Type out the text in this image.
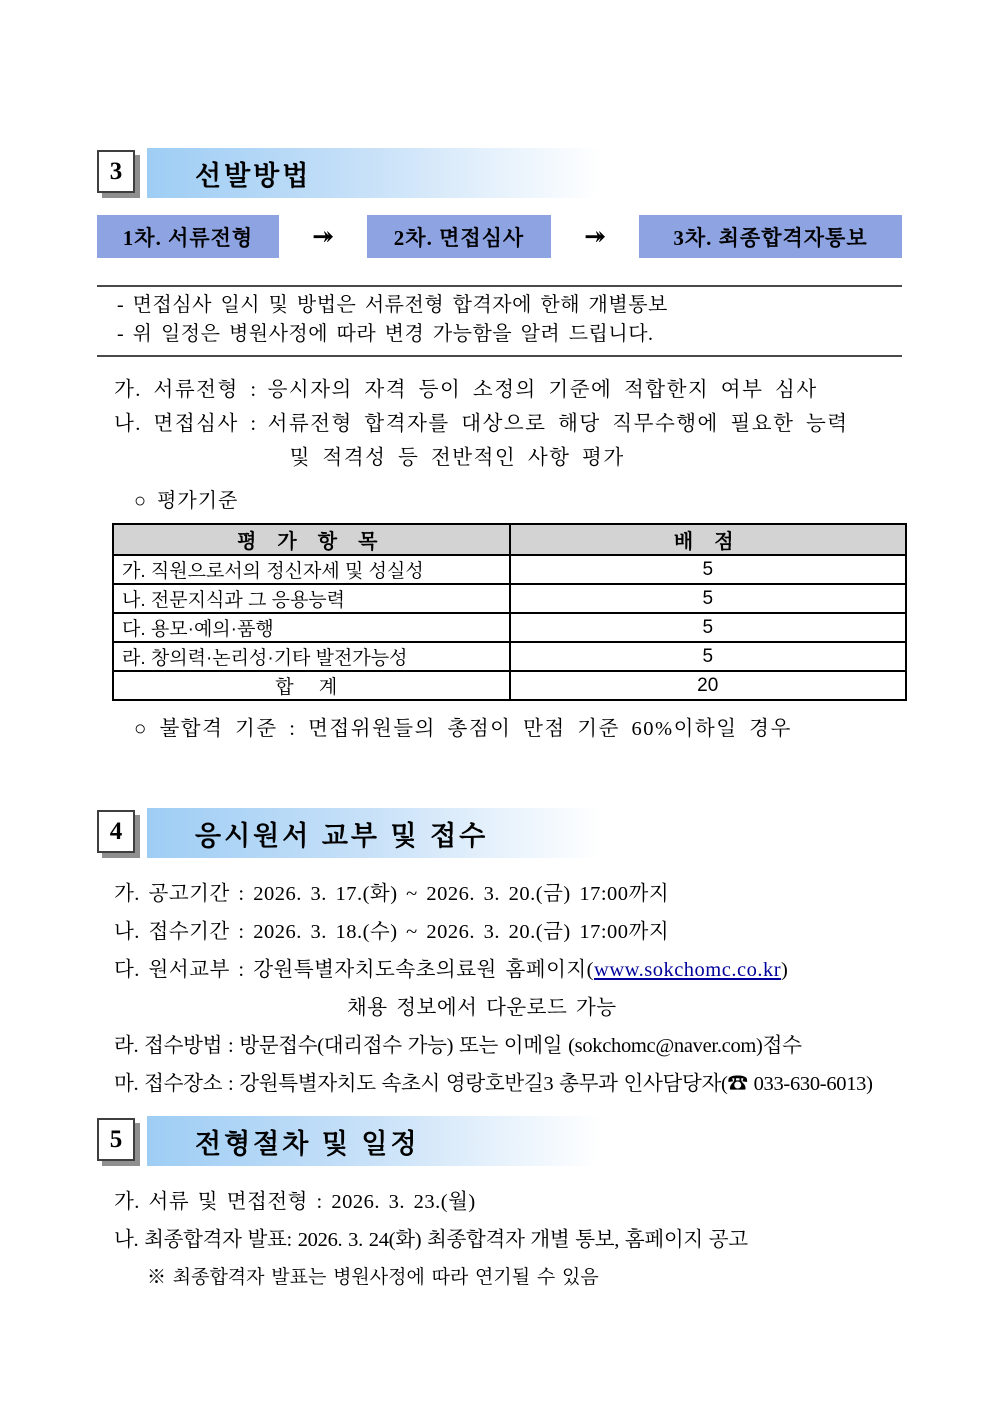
3	선발방법
1차. 서류전형	↠	2차. 면접심사	↠	3차. 최종합격자통보
- 면접심사 일시 및 방법은 서류전형 합격자에 한해 개별통보
- 위 일정은 병원사정에 따라 변경 가능함을 알려 드립니다.
가. 서류전형 : 응시자의 자격 등이 소정의 기준에 적합한지 여부 심사
나. 면접심사 : 서류전형 합격자를 대상으로 해당 직무수행에 필요한 능력
및 적격성 등 전반적인 사항 평가
○ 평가기준
평 가 항 목	배 점
가. 직원으로서의 정신자세 및 성실성	5
나. 전문지식과 그 응용능력	5
다. 용모·예의·품행	5
라. 창의력·논리성·기타 발전가능성	5
합 계	20
○ 불합격 기준 : 면접위원들의 총점이 만점 기준 60%이하일 경우
4	응시원서 교부 및 접수
가. 공고기간 : 2026. 3. 17.(화) ~ 2026. 3. 20.(금) 17:00까지
나. 접수기간 : 2026. 3. 18.(수) ~ 2026. 3. 20.(금) 17:00까지
다. 원서교부 : 강원특별자치도속초의료원 홈페이지(www.sokchomc.co.kr)
채용 정보에서 다운로드 가능
라. 접수방법 : 방문접수(대리접수 가능) 또는 이메일 (sokchomc@naver.com)접수
마. 접수장소 : 강원특별자치도 속초시 영랑호반길3 총무과 인사담당자(☎ 033-630-6013)
5	전형절차 및 일정
가. 서류 및 면접전형 : 2026. 3. 23.(월)
나. 최종합격자 발표: 2026. 3. 24(화) 최종합격자 개별 통보, 홈페이지 공고
※ 최종합격자 발표는 병원사정에 따라 연기될 수 있음
